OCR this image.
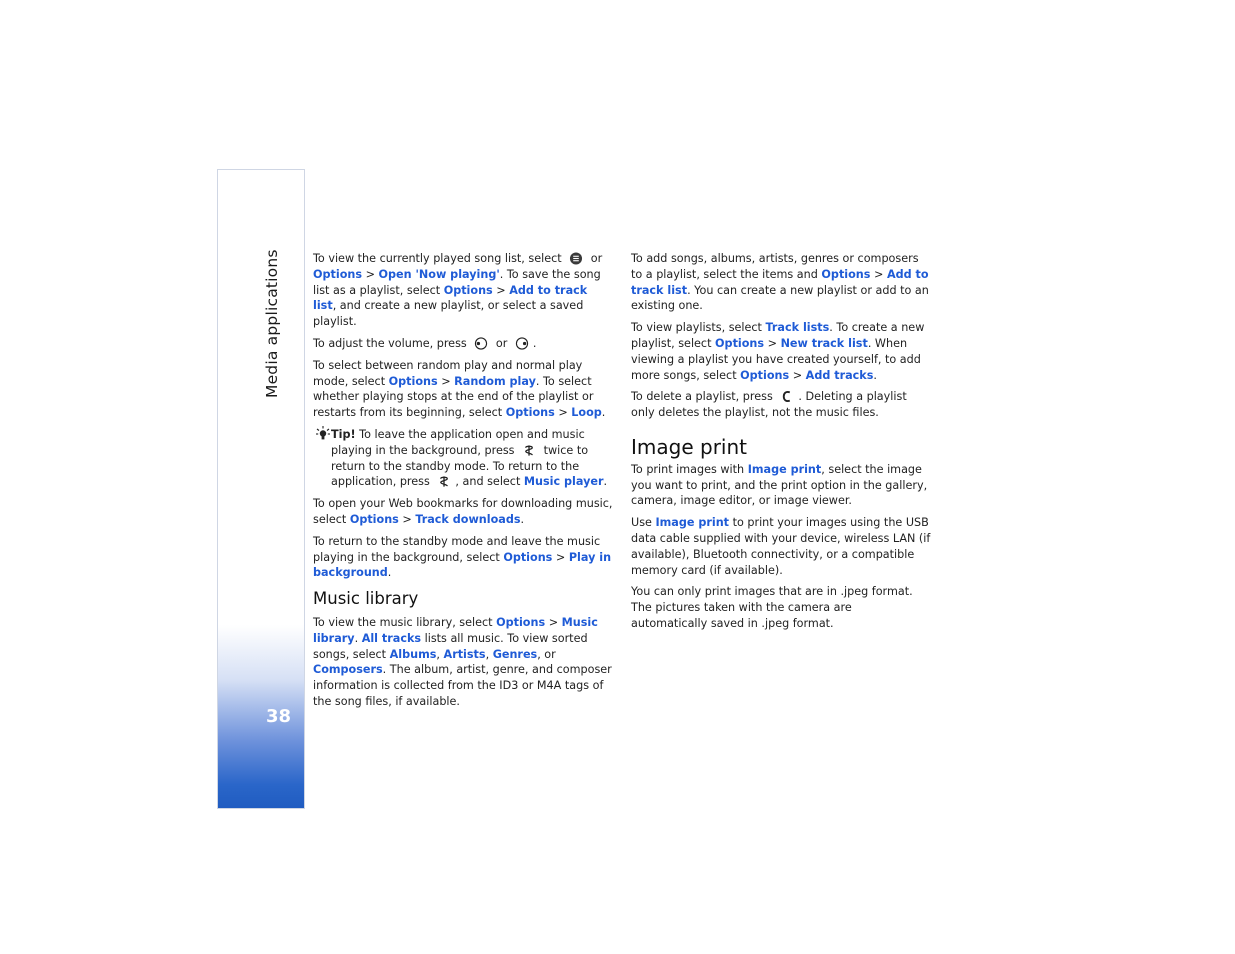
Media applications
38

To view the currently played song list, select	or Options > Open 'Now playing'. To save the song list as a playlist, select Options > Add to track list, and create a new playlist, or select a saved playlist.

To adjust the volume, press	or .

To select between random play and normal play mode, select Options > Random play. To select whether playing stops at the end of the playlist or restarts from its beginning, select Options > Loop.

Tip! To leave the application open and music playing in the background, press	twice to return to the standby mode. To return to the application, press , and select Music player.

To open your Web bookmarks for downloading music, select Options > Track downloads.

To return to the standby mode and leave the music playing in the background, select Options > Play in background.

Music library

To view the music library, select Options > Music library. All tracks lists all music. To view sorted songs, select Albums, Artists, Genres, or Composers. The album, artist, genre, and composer information is collected from the ID3 or M4A tags of the song files, if available.

To add songs, albums, artists, genres or composers to a playlist, select the items and Options > Add to track list. You can create a new playlist or add to an existing one.

To view playlists, select Track lists. To create a new playlist, select Options > New track list. When viewing a playlist you have created yourself, to add more songs, select Options > Add tracks.

To delete a playlist, press . Deleting a playlist only deletes the playlist, not the music files.

Image print

To print images with Image print, select the image you want to print, and the print option in the gallery, camera, image editor, or image viewer.

Use Image print to print your images using the USB data cable supplied with your device, wireless LAN (if available), Bluetooth connectivity, or a compatible memory card (if available).

You can only print images that are in .jpeg format. The pictures taken with the camera are automatically saved in .jpeg format.
